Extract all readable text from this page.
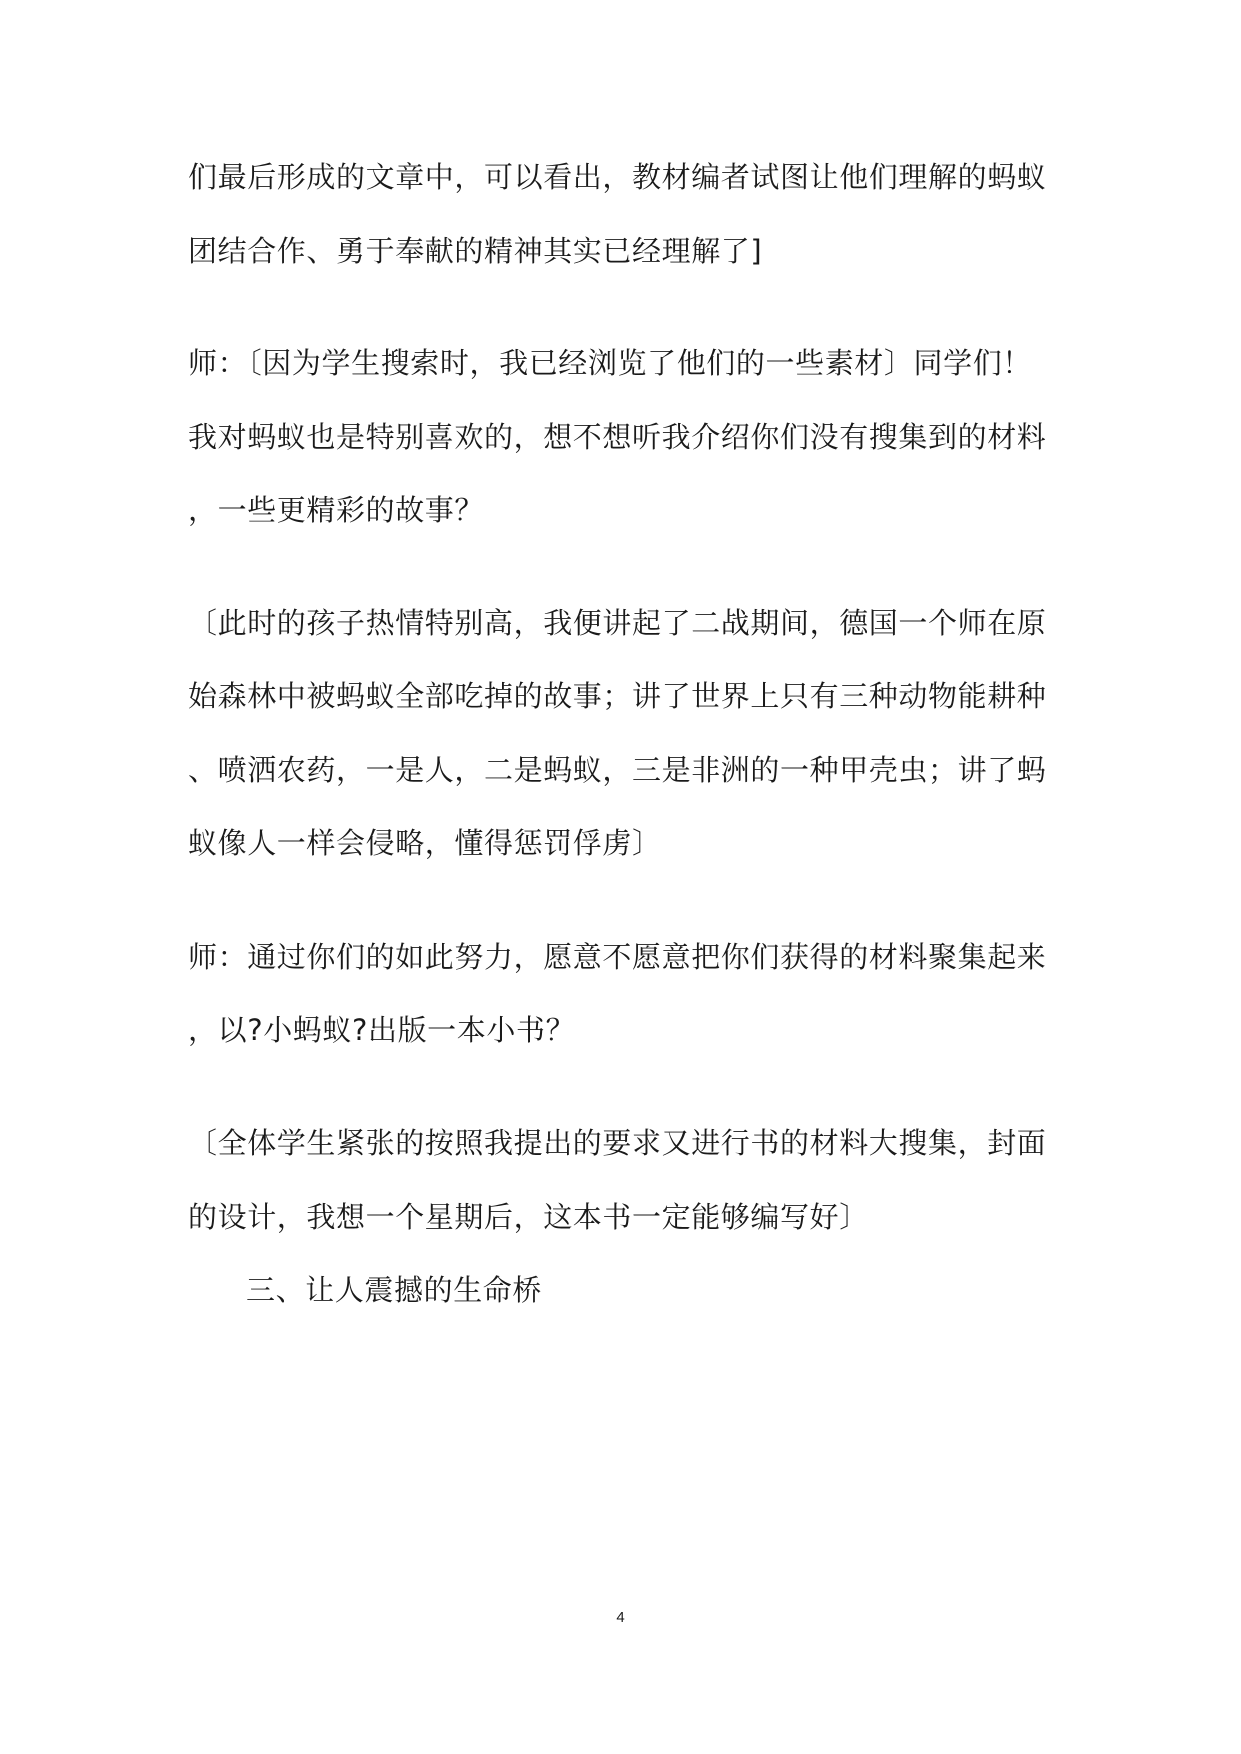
们最后形成的文章中，可以看出，教材编者试图让他们理解的蚂蚁
团结合作、勇于奉献的精神其实已经理解了]
师：〔因为学生搜索时，我已经浏览了他们的一些素材〕同学们！
我对蚂蚁也是特别喜欢的，想不想听我介绍你们没有搜集到的材料
，一些更精彩的故事？
〔此时的孩子热情特别高，我便讲起了二战期间，德国一个师在原
始森林中被蚂蚁全部吃掉的故事；讲了世界上只有三种动物能耕种
、喷洒农药，一是人，二是蚂蚁，三是非洲的一种甲壳虫；讲了蚂
蚁像人一样会侵略，懂得惩罚俘虏〕
师：通过你们的如此努力，愿意不愿意把你们获得的材料聚集起来
，以?小蚂蚁?出版一本小书？
〔全体学生紧张的按照我提出的要求又进行书的材料大搜集，封面
的设计，我想一个星期后，这本书一定能够编写好〕
三、让人震撼的生命桥
4
